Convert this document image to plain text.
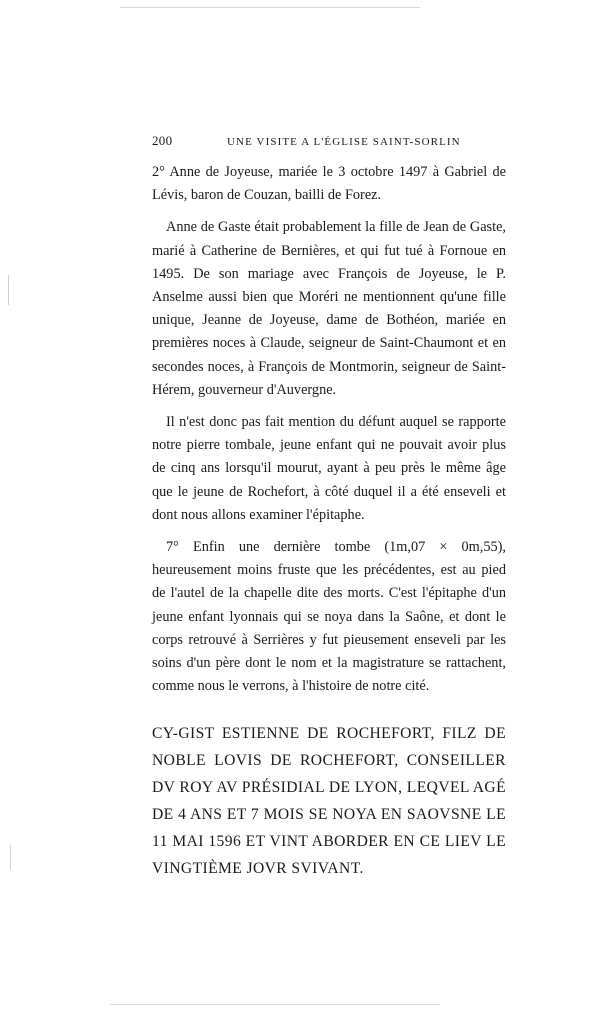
200	UNE VISITE A L'ÉGLISE SAINT-SORLIN

2° Anne de Joyeuse, mariée le 3 octobre 1497 à Gabriel de Lévis, baron de Couzan, bailli de Forez.

Anne de Gaste était probablement la fille de Jean de Gaste, marié à Catherine de Bernières, et qui fut tué à Fornoue en 1495. De son mariage avec François de Joyeuse, le P. Anselme aussi bien que Moréri ne mentionnent qu'une fille unique, Jeanne de Joyeuse, dame de Bothéon, mariée en premières noces à Claude, seigneur de Saint-Chaumont et en secondes noces, à François de Montmorin, seigneur de Saint-Hérem, gouverneur d'Auvergne.

Il n'est donc pas fait mention du défunt auquel se rapporte notre pierre tombale, jeune enfant qui ne pouvait avoir plus de cinq ans lorsqu'il mourut, ayant à peu près le même âge que le jeune de Rochefort, à côté duquel il a été enseveli et dont nous allons examiner l'épitaphe.

7° Enfin une dernière tombe (1m,07 × 0m,55), heureusement moins fruste que les précédentes, est au pied de l'autel de la chapelle dite des morts. C'est l'épitaphe d'un jeune enfant lyonnais qui se noya dans la Saône, et dont le corps retrouvé à Serrières y fut pieusement enseveli par les soins d'un père dont le nom et la magistrature se rattachent, comme nous le verrons, à l'histoire de notre cité.

CY-GIST ESTIENNE DE ROCHEFORT, FILZ DE NOBLE LOVIS DE ROCHEFORT, CONSEILLER DV ROY AV PRÉSIDIAL DE LYON, LEQVEL AGÉ DE 4 ANS ET 7 MOIS SE NOYA EN SAOVSNE LE 11 MAI 1596 ET VINT ABORDER EN CE LIEV LE VINGTIÈME JOVR SVIVANT.
